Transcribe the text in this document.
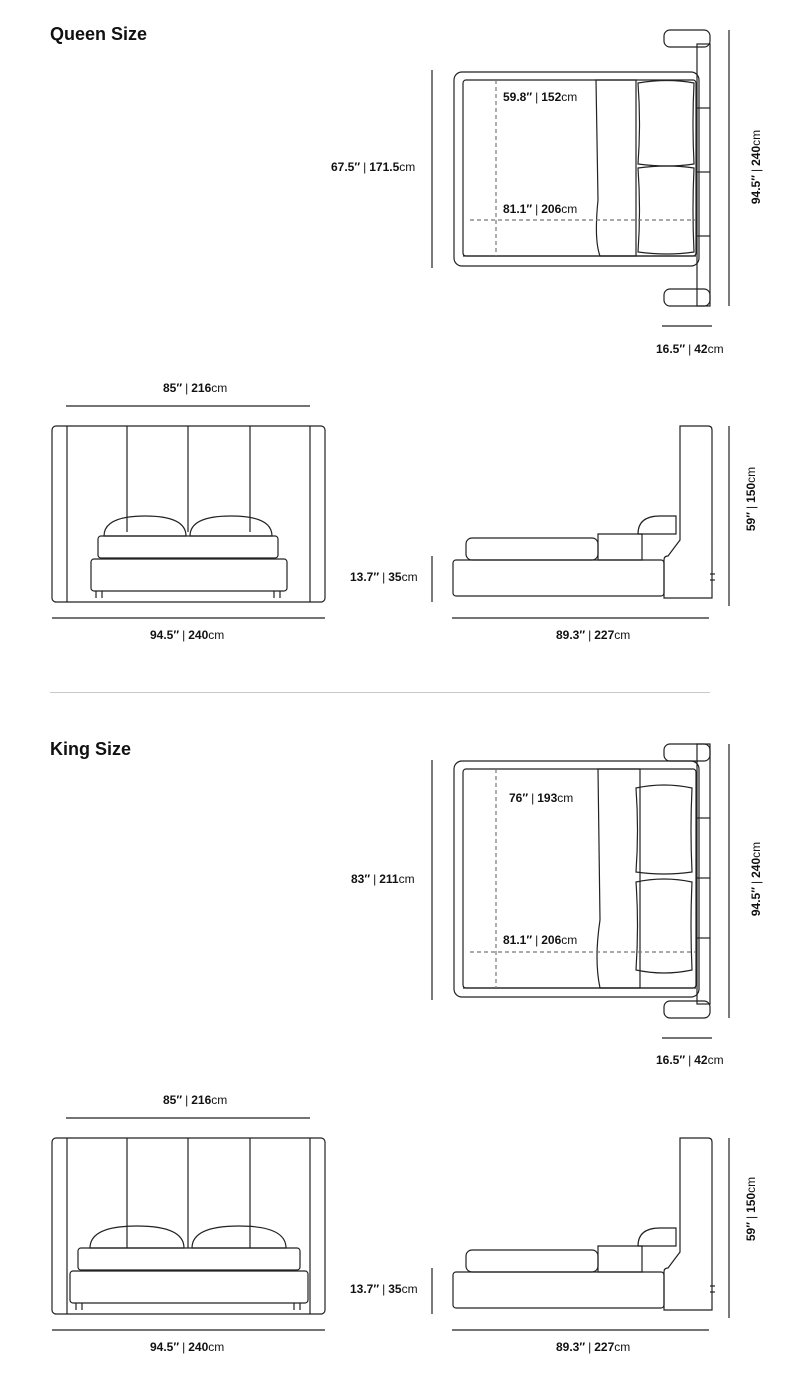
Queen Size
67.5″ | 171.5cm
59.8″ | 152cm
81.1″ | 206cm
94.5″|240cm
16.5″ | 42cm
85″ | 216cm
94.5″ | 240cm
13.7″ | 35cm
89.3″ | 227cm
59″|150cm
King Size
83″ | 211cm
76″ | 193cm
81.1″ | 206cm
94.5″|240cm
16.5″ | 42cm
85″ | 216cm
94.5″ | 240cm
13.7″ | 35cm
89.3″ | 227cm
59″|150cm
